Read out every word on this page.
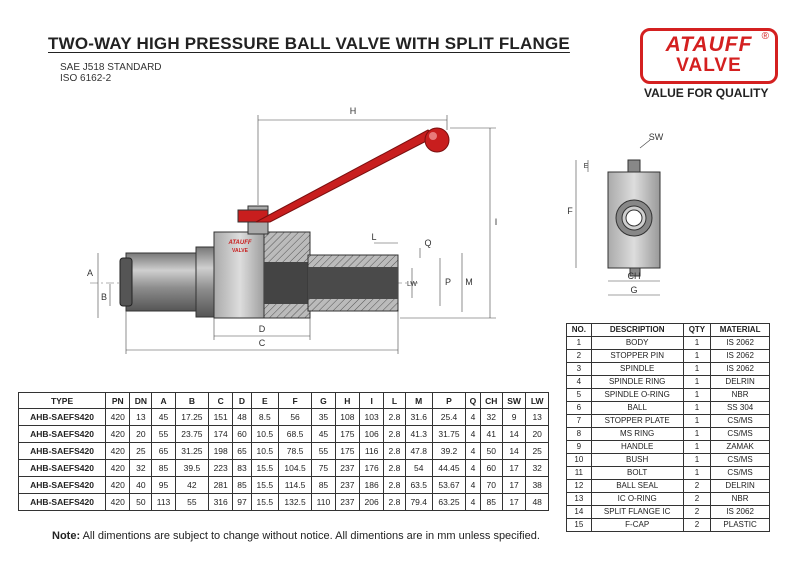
TWO-WAY HIGH PRESSURE BALL VALVE WITH SPLIT FLANGE
SAE J518 STANDARD
ISO 6162-2
ATAUFF
VALVE
®
VALUE FOR QUALITY
ATAUFF
VALVE
H
I
L
Q
A
B
LW	P M
D
C
SW
E
F
CH
G
TYPE	PN	DN	A	B	C	D	E	F	G	H	I	L	M	P	Q	CH	SW	LW
AHB-SAEFS420	420	13	45	17.25	151	48	8.5	56	35	108	103	2.8	31.6	25.4	4	32	9	13
AHB-SAEFS420	420	20	55	23.75	174	60	10.5	68.5	45	175	106	2.8	41.3	31.75	4	41	14	20
AHB-SAEFS420	420	25	65	31.25	198	65	10.5	78.5	55	175	116	2.8	47.8	39.2	4	50	14	25
AHB-SAEFS420	420	32	85	39.5	223	83	15.5	104.5	75	237	176	2.8	54	44.45	4	60	17	32
AHB-SAEFS420	420	40	95	42	281	85	15.5	114.5	85	237	186	2.8	63.5	53.67	4	70	17	38
AHB-SAEFS420	420	50	113	55	316	97	15.5	132.5	110	237	206	2.8	79.4	63.25	4	85	17	48
NO.	DESCRIPTION	QTY	MATERIAL
1	BODY	1	IS 2062
2	STOPPER PIN	1	IS 2062
3	SPINDLE	1	IS 2062
4	SPINDLE RING	1	DELRIN
5	SPINDLE O-RING	1	NBR
6	BALL	1	SS 304
7	STOPPER PLATE	1	CS/MS
8	MS RING	1	CS/MS
9	HANDLE	1	ZAMAK
10	BUSH	1	CS/MS
11	BOLT	1	CS/MS
12	BALL SEAL	2	DELRIN
13	IC O-RING	2	NBR
14	SPLIT FLANGE IC	2	IS 2062
15	F-CAP	2	PLASTIC
Note: All dimentions are subject to change without notice. All dimentions are in mm unless specified.
